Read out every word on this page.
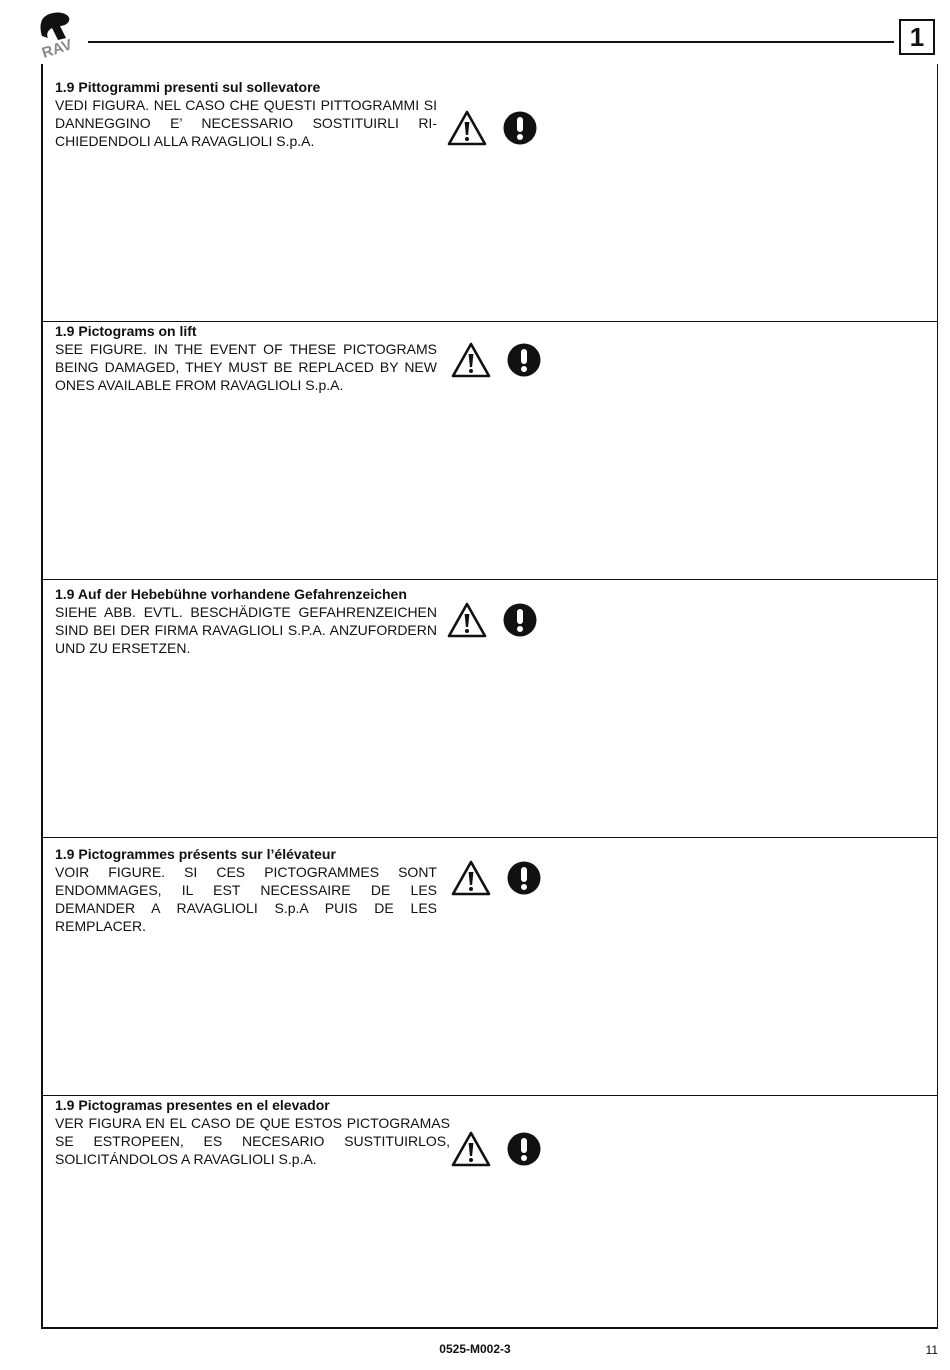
RAV	1
1.9 Pittogrammi presenti sul sollevatore
VEDI FIGURA. NEL CASO CHE QUESTI PITTOGRAMMI SI DANNEGGINO E’ NECESSARIO SOSTITUIRLI RI-CHIEDENDOLI ALLA RAVAGLIOLI S.p.A.
1.9 Pictograms on lift
SEE FIGURE. IN THE EVENT OF THESE PICTOGRAMS BEING DAMAGED, THEY MUST BE REPLACED BY NEW ONES AVAILABLE FROM RAVAGLIOLI S.p.A.
1.9 Auf der Hebebühne vorhandene Gefahrenzeichen
SIEHE ABB. EVTL. BESCHÄDIGTE GEFAHRENZEICHEN SIND BEI DER FIRMA RAVAGLIOLI S.P.A. ANZUFORDERN UND ZU ERSETZEN.
1.9 Pictogrammes présents sur l’élévateur
VOIR FIGURE. SI CES PICTOGRAMMES SONT ENDOMMAGES, IL EST NECESSAIRE DE LES DEMANDER A RAVAGLIOLI S.p.A PUIS DE LES REMPLACER.
1.9 Pictogramas presentes en el elevador
VER FIGURA EN EL CASO DE QUE ESTOS PICTOGRAMAS SE ESTROPEEN, ES NECESARIO SUSTITUIRLOS, SOLICITÁNDOLOS A RAVAGLIOLI S.p.A.
0525-M002-3	11
